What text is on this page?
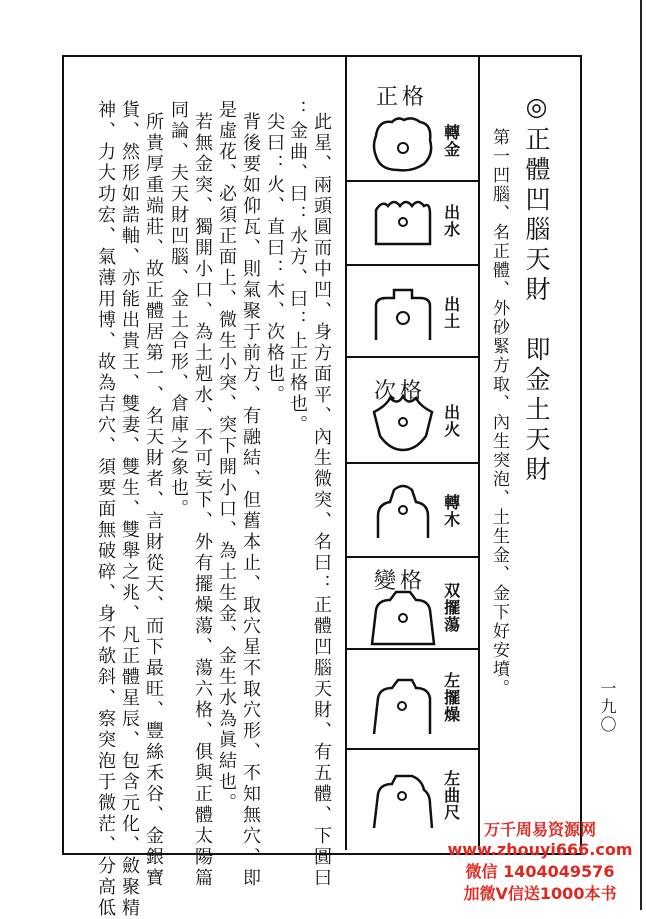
此星、兩頭圓而中凹、身方面平、內生微突、名曰：正體凹腦天財、有五體、下圓曰
：金曲、曰：水方、曰：上正格也。
尖曰：火、直曰：木、次格也。
背後要如仰瓦、則氣聚于前方、有融結、但舊本止、取穴星不取穴形、不知無穴、即
是虛花、必須正面上、微生小突、突下開小口、為土生金、金生水為眞結也。
若無金突、獨開小口、為土剋水、不可妄下、外有擺燥蕩、蕩六格、俱與正體太陽篇
同論、夫天財凹腦、金土合形、倉庫之象也。
所貴厚重端莊、故正體居第一、名天財者、言財從天、而下最旺、豐絲禾谷、金銀寶
貨、然形如誥軸、亦能出貴王、雙妻、雙生、雙舉之兆、凡正體星辰、包含元化、斂聚精
神、力大功宏、氣薄用博、故為吉穴、須要面無破碎、身不欹斜、察突泡于微茫、分高低	◎正體凹腦天財　即金土天財
第一凹腦、名正體、外砂緊方取、內生突泡、土生金、金下好安墳。
正格
次格
變格
轉金
出水
出土
出火
轉木
双擺蕩
左擺燥
左曲尺
一九〇
万千周易资源网
www.zhouyi666.com
微信 1404049576
加微V信送1000本书
